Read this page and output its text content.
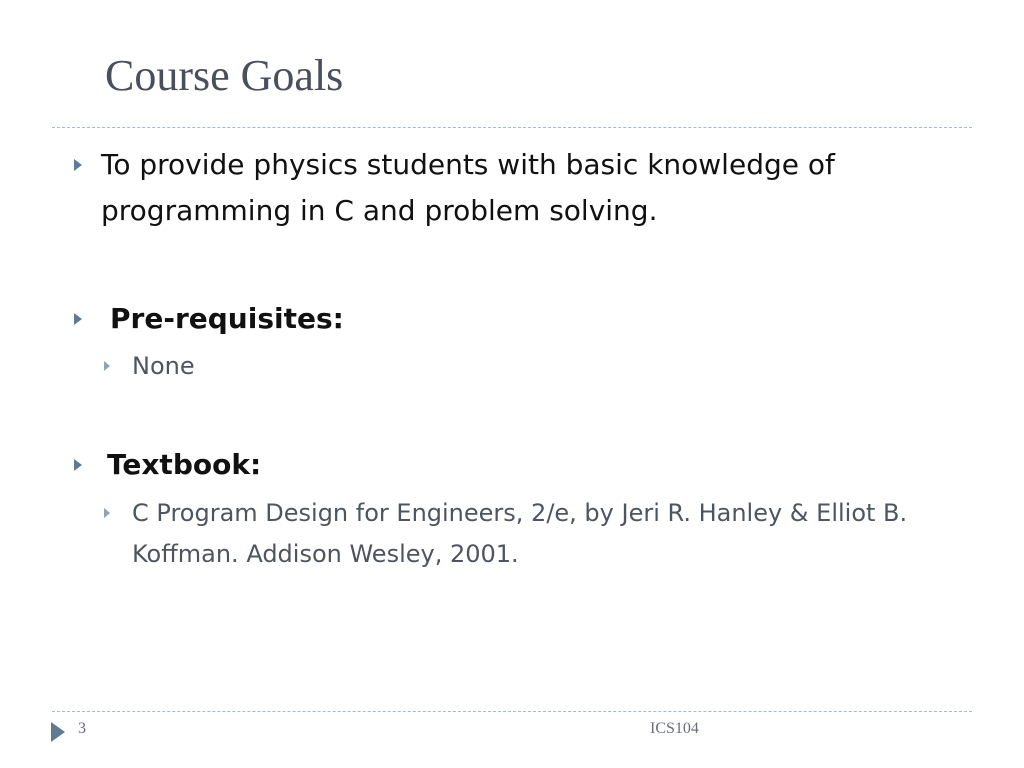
Course Goals
To provide physics students with basic knowledge of
programming in C and problem solving.
Pre-requisites:
None
Textbook:
C Program Design for Engineers, 2/e, by Jeri R. Hanley & Elliot B.
Koffman. Addison Wesley, 2001.
3	ICS104
